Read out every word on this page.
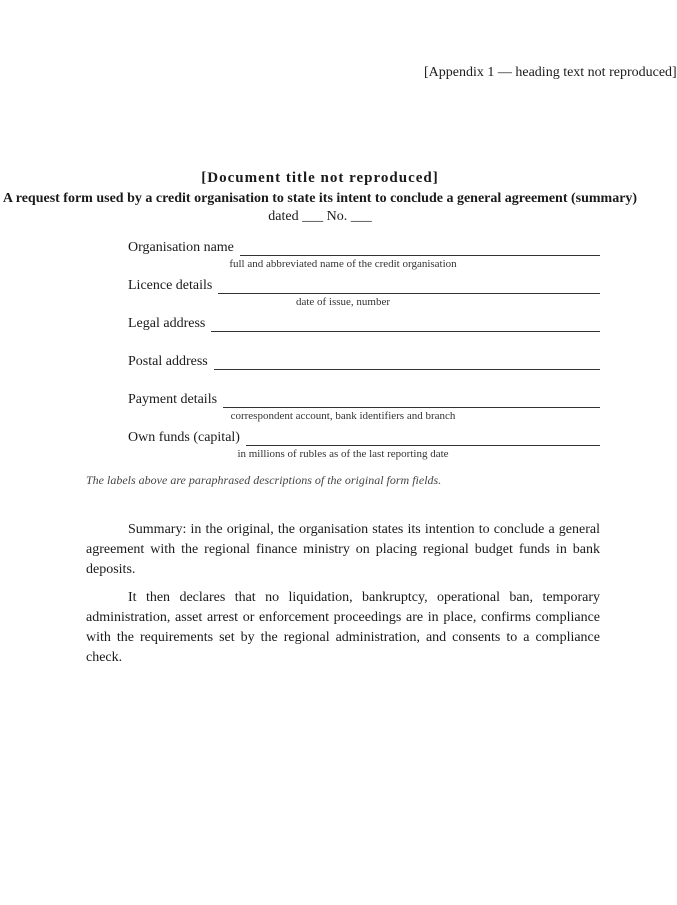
[Appendix 1 — heading text not reproduced]
[Document title not reproduced]
A request form used by a credit organisation to state its intent to conclude a general agreement (summary)
dated ___ No. ___
Organisation name
full and abbreviated name of the credit organisation
Licence details
date of issue, number
Legal address
Postal address
Payment details
correspondent account, bank identifiers and branch
Own funds (capital)
in millions of rubles as of the last reporting date
The labels above are paraphrased descriptions of the original form fields.

Summary: in the original, the organisation states its intention to conclude a general agreement with the regional finance ministry on placing regional budget funds in bank deposits.

It then declares that no liquidation, bankruptcy, operational ban, temporary administration, asset arrest or enforcement proceedings are in place, confirms compliance with the requirements set by the regional administration, and consents to a compliance check.
